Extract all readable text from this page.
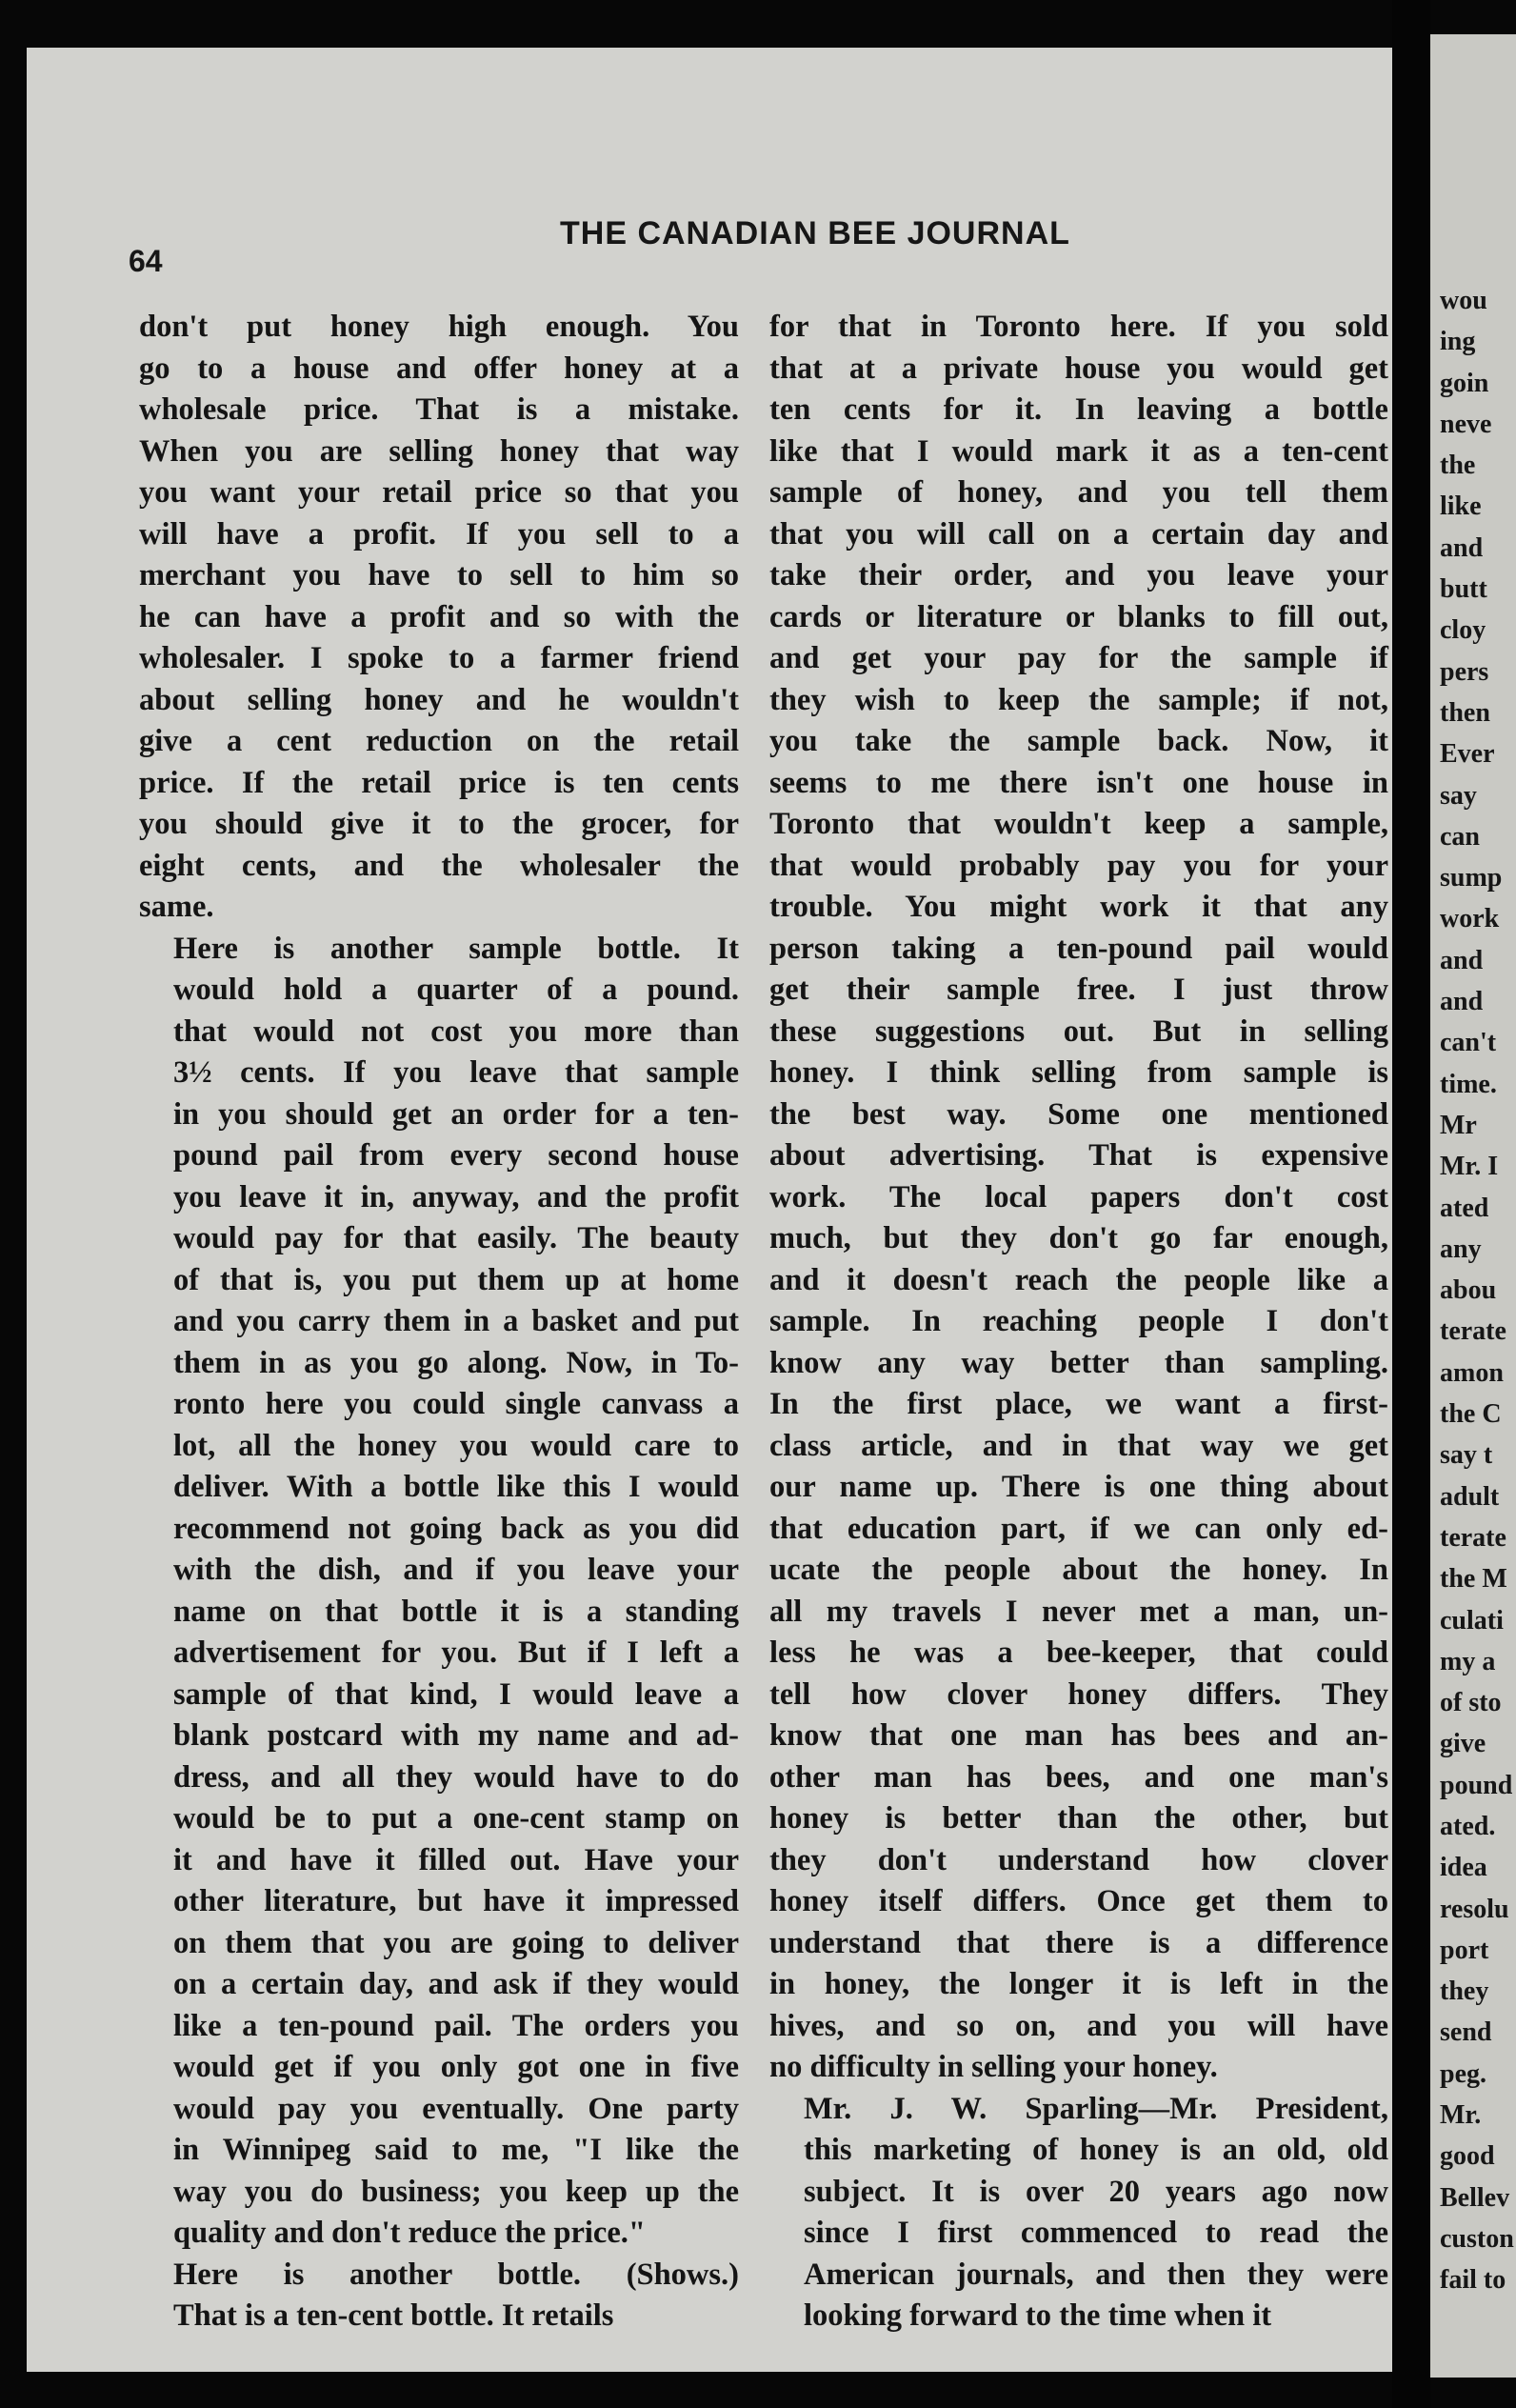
64
THE CANADIAN BEE JOURNAL

don't put honey high enough. You
go to a house and offer honey at a
wholesale price. That is a mistake.
When you are selling honey that way
you want your retail price so that you
will have a profit. If you sell to a
merchant you have to sell to him so
he can have a profit and so with the
wholesaler. I spoke to a farmer friend
about selling honey and he wouldn't
give a cent reduction on the retail
price. If the retail price is ten cents
you should give it to the grocer, for
eight cents, and the wholesaler the
same.

Here is another sample bottle. It
would hold a quarter of a pound.
that would not cost you more than
3½ cents. If you leave that sample
in you should get an order for a ten-
pound pail from every second house
you leave it in, anyway, and the profit
would pay for that easily. The beauty
of that is, you put them up at home
and you carry them in a basket and put
them in as you go along. Now, in To-
ronto here you could single canvass a
lot, all the honey you would care to
deliver. With a bottle like this I would
recommend not going back as you did
with the dish, and if you leave your
name on that bottle it is a standing
advertisement for you. But if I left a
sample of that kind, I would leave a
blank postcard with my name and ad-
dress, and all they would have to do
would be to put a one-cent stamp on
it and have it filled out. Have your
other literature, but have it impressed
on them that you are going to deliver
on a certain day, and ask if they would
like a ten-pound pail. The orders you
would get if you only got one in five
would pay you eventually. One party
in Winnipeg said to me, "I like the
way you do business; you keep up the
quality and don't reduce the price."

Here is another bottle. (Shows.)
That is a ten-cent bottle. It retails

for that in Toronto here. If you sold
that at a private house you would get
ten cents for it. In leaving a bottle
like that I would mark it as a ten-cent
sample of honey, and you tell them
that you will call on a certain day and
take their order, and you leave your
cards or literature or blanks to fill out,
and get your pay for the sample if
they wish to keep the sample; if not,
you take the sample back. Now, it
seems to me there isn't one house in
Toronto that wouldn't keep a sample,
that would probably pay you for your
trouble. You might work it that any
person taking a ten-pound pail would
get their sample free. I just throw
these suggestions out. But in selling
honey. I think selling from sample is
the best way. Some one mentioned
about advertising. That is expensive
work. The local papers don't cost
much, but they don't go far enough,
and it doesn't reach the people like a
sample. In reaching people I don't
know any way better than sampling.
In the first place, we want a first-
class article, and in that way we get
our name up. There is one thing about
that education part, if we can only ed-
ucate the people about the honey. In
all my travels I never met a man, un-
less he was a bee-keeper, that could
tell how clover honey differs. They
know that one man has bees and an-
other man has bees, and one man's
honey is better than the other, but
they don't understand how clover
honey itself differs. Once get them to
understand that there is a difference
in honey, the longer it is left in the
hives, and so on, and you will have
no difficulty in selling your honey.

Mr. J. W. Sparling—Mr. President,
this marketing of honey is an old, old
subject. It is over 20 years ago now
since I first commenced to read the
American journals, and then they were
looking forward to the time when it

wou
ing
goin
neve
the
like
and
butt
cloy
pers
then
Ever
say
can
sump
work
and
and
can't
time.
Mr
Mr. I
ated
any
abou
terate
amon
the C
say t
adult
terate
the M
culati
my a
of sto
give
pound
ated.
idea
resolu
port
they
send
peg.
Mr.
good
Bellev
custon
fail to
